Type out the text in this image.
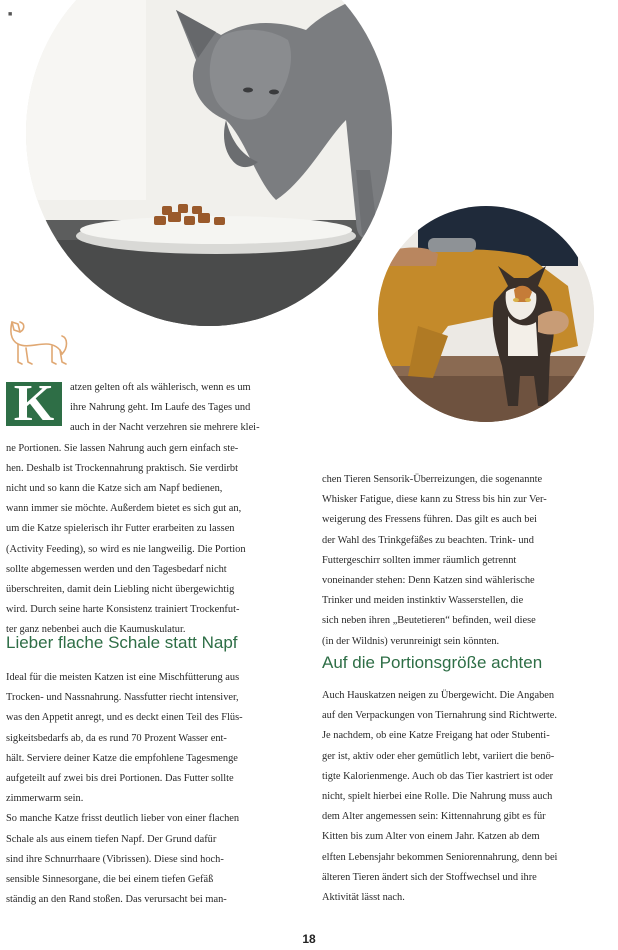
■
K	atzen gelten oft als wählerisch, wenn es um
ihre Nahrung geht. Im Laufe des Tages und
auch in der Nacht verzehren sie mehrere klei-
ne Portionen. Sie lassen Nahrung auch gern einfach ste-
hen. Deshalb ist Trockennahrung praktisch. Sie verdirbt
nicht und so kann die Katze sich am Napf bedienen,
wann immer sie möchte. Außerdem bietet es sich gut an,
um die Katze spielerisch ihr Futter erarbeiten zu lassen
(Activity Feeding), so wird es nie langweilig. Die Portion
sollte abgemessen werden und den Tagesbedarf nicht
überschreiten, damit dein Liebling nicht übergewichtig
wird. Durch seine harte Konsistenz trainiert Trockenfut-
ter ganz nebenbei auch die Kaumuskulatur.

Lieber flache Schale statt Napf

Ideal für die meisten Katzen ist eine Mischfütterung aus
Trocken- und Nassnahrung. Nassfutter riecht intensiver,
was den Appetit anregt, und es deckt einen Teil des Flüs-
sigkeitsbedarfs ab, da es rund 70 Prozent Wasser ent-
hält. Serviere deiner Katze die empfohlene Tagesmenge
aufgeteilt auf zwei bis drei Portionen. Das Futter sollte
zimmerwarm sein.
So manche Katze frisst deutlich lieber von einer flachen
Schale als aus einem tiefen Napf. Der Grund dafür
sind ihre Schnurrhaare (Vibrissen). Diese sind hoch-
sensible Sinnesorgane, die bei einem tiefen Gefäß
ständig an den Rand stoßen. Das verursacht bei man-

chen Tieren Sensorik-Überreizungen, die sogenannte
Whisker Fatigue, diese kann zu Stress bis hin zur Ver-
weigerung des Fressens führen. Das gilt es auch bei
der Wahl des Trinkgefäßes zu beachten. Trink- und
Futtergeschirr sollten immer räumlich getrennt
voneinander stehen: Denn Katzen sind wählerische
Trinker und meiden instinktiv Wasserstellen, die
sich neben ihren „Beutetieren“ befinden, weil diese
(in der Wildnis) verunreinigt sein könnten.

Auf die Portionsgröße achten

Auch Hauskatzen neigen zu Übergewicht. Die Angaben
auf den Verpackungen von Tiernahrung sind Richtwerte.
Je nachdem, ob eine Katze Freigang hat oder Stubenti-
ger ist, aktiv oder eher gemütlich lebt, variiert die benö-
tigte Kalorienmenge. Auch ob das Tier kastriert ist oder
nicht, spielt hierbei eine Rolle. Die Nahrung muss auch
dem Alter angemessen sein: Kittennahrung gibt es für
Kitten bis zum Alter von einem Jahr. Katzen ab dem
elften Lebensjahr bekommen Seniorennahrung, denn bei
älteren Tieren ändert sich der Stoffwechsel und ihre
Aktivität lässt nach.

18
